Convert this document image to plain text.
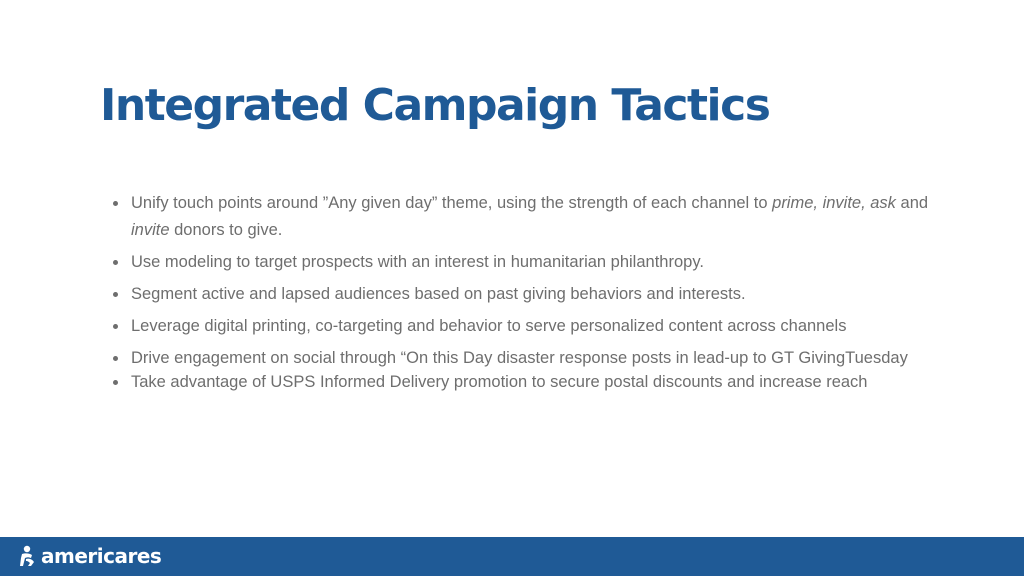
Integrated Campaign Tactics
Unify touch points around ”Any given day” theme, using the strength of each channel to prime, invite, ask and invite donors to give.
Use modeling to target prospects with an interest in humanitarian philanthropy.
Segment active and lapsed audiences based on past giving behaviors and interests.
Leverage digital printing, co-targeting and behavior to serve personalized content across channels
Drive engagement on social through “On this Day disaster response posts in lead-up to GT GivingTuesday
Take advantage of USPS Informed Delivery promotion to secure postal discounts and increase reach
americares
